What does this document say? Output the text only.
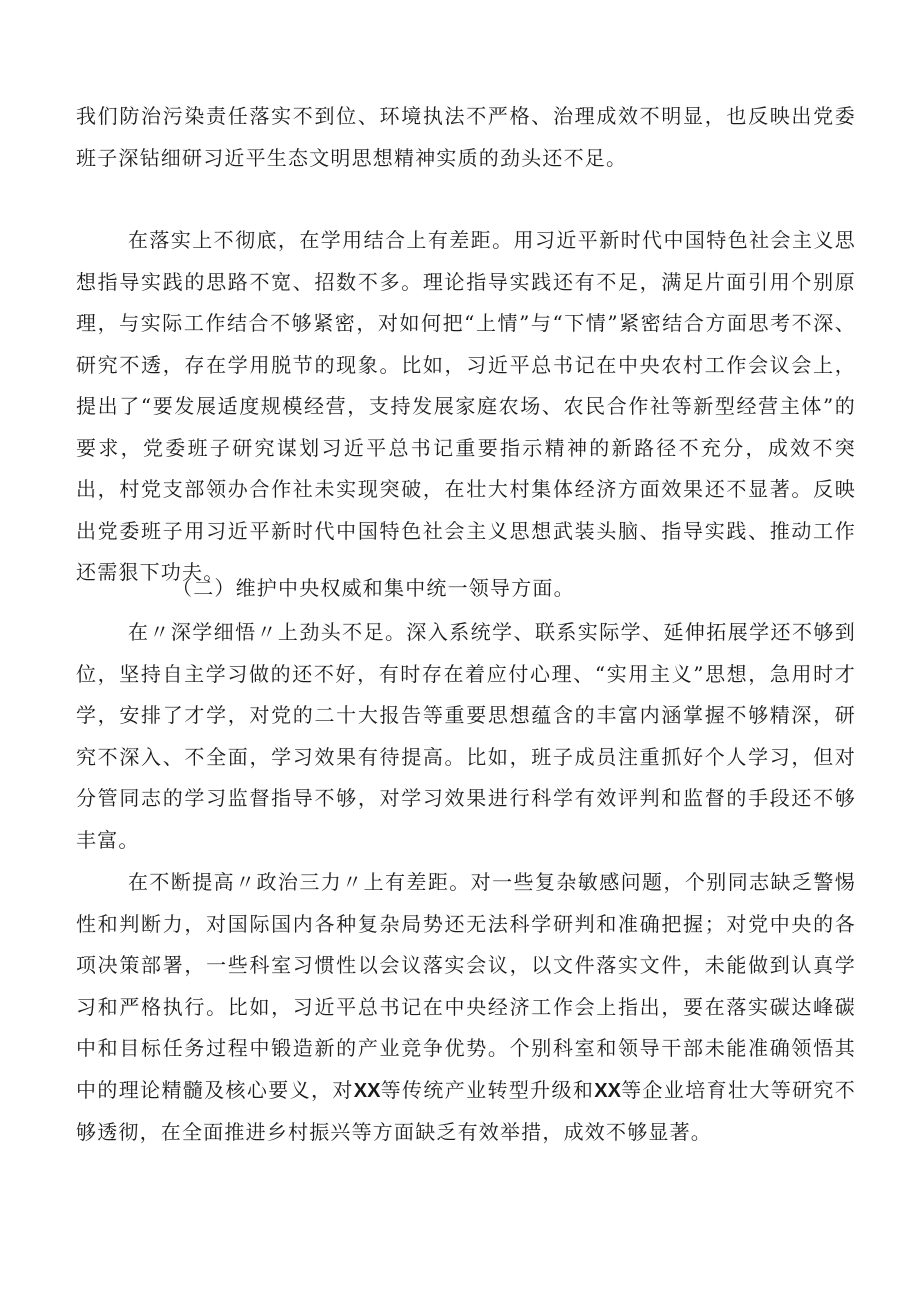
我们防治污染责任落实不到位、环境执法不严格、治理成效不明显，也反映出党委班子深钻细研习近平生态文明思想精神实质的劲头还不足。

在落实上不彻底，在学用结合上有差距。用习近平新时代中国特色社会主义思想指导实践的思路不宽、招数不多。理论指导实践还有不足，满足片面引用个别原理，与实际工作结合不够紧密，对如何把“上情”与“下情”紧密结合方面思考不深、研究不透，存在学用脱节的现象。比如，习近平总书记在中央农村工作会议会上，提出了“要发展适度规模经营，支持发展家庭农场、农民合作社等新型经营主体”的要求，党委班子研究谋划习近平总书记重要指示精神的新路径不充分，成效不突出，村党支部领办合作社未实现突破，在壮大村集体经济方面效果还不显著。反映出党委班子用习近平新时代中国特色社会主义思想武装头脑、指导实践、推动工作还需狠下功夫。

（二）维护中央权威和集中统一领导方面。

在〃深学细悟〃上劲头不足。深入系统学、联系实际学、延伸拓展学还不够到位，坚持自主学习做的还不好，有时存在着应付心理、“实用主义”思想，急用时才学，安排了才学，对党的二十大报告等重要思想蕴含的丰富内涵掌握不够精深，研究不深入、不全面，学习效果有待提高。比如，班子成员注重抓好个人学习，但对分管同志的学习监督指导不够，对学习效果进行科学有效评判和监督的手段还不够丰富。

在不断提高〃政治三力〃上有差距。对一些复杂敏感问题，个别同志缺乏警惕性和判断力，对国际国内各种复杂局势还无法科学研判和准确把握；对党中央的各项决策部署，一些科室习惯性以会议落实会议，以文件落实文件，未能做到认真学习和严格执行。比如，习近平总书记在中央经济工作会上指出，要在落实碳达峰碳中和目标任务过程中锻造新的产业竞争优势。个别科室和领导干部未能准确领悟其中的理论精髓及核心要义，对XX等传统产业转型升级和XX等企业培育壮大等研究不够透彻，在全面推进乡村振兴等方面缺乏有效举措，成效不够显著。
